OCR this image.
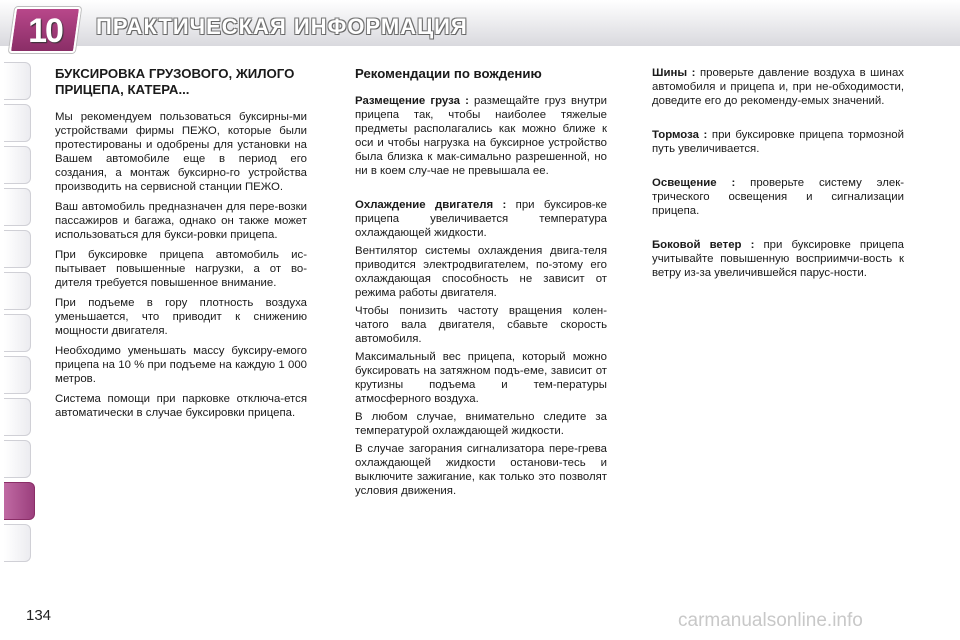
10	ПРАКТИЧЕСКАЯ ИНФОРМАЦИЯ
БУКСИРОВКА ГРУЗОВОГО, ЖИЛОГО ПРИЦЕПА, КАТЕРА...

Мы рекомендуем пользоваться буксирны-ми устройствами фирмы ПЕЖО, которые были протестированы и одобрены для установки на Вашем автомобиле еще в период его создания, а монтаж буксирно-го устройства производить на сервисной станции ПЕЖО.

Ваш автомобиль предназначен для пере-возки пассажиров и багажа, однако он также может использоваться для букси-ровки прицепа.

При буксировке прицепа автомобиль ис-пытывает повышенные нагрузки, а от во-дителя требуется повышенное внимание.

При подъеме в гору плотность воздуха уменьшается, что приводит к снижению мощности двигателя.

Необходимо уменьшать массу буксиру-емого прицепа на 10 % при подъеме на каждую 1 000 метров.

Система помощи при парковке отключа-ется автоматически в случае буксировки прицепа.

Рекомендации по вождению

Размещение груза : размещайте груз внутри прицепа так, чтобы наиболее тяжелые предметы располагались как можно ближе к оси и чтобы нагрузка на буксирное устройство была близка к мак-симально разрешенной, но ни в коем слу-чае не превышала ее.

Охлаждение двигателя : при буксиров-ке прицепа увеличивается температура охлаждающей жидкости.

Вентилятор системы охлаждения двига-теля приводится электродвигателем, по-этому его охлаждающая способность не зависит от режима работы двигателя.

Чтобы понизить частоту вращения колен-чатого вала двигателя, сбавьте скорость автомобиля.

Максимальный вес прицепа, который можно буксировать на затяжном подъ-еме, зависит от крутизны подъема и тем-пературы атмосферного воздуха.

В любом случае, внимательно следите за температурой охлаждающей жидкости.

В случае загорания сигнализатора пере-грева охлаждающей жидкости останови-тесь и выключите зажигание, как только это позволят условия движения.

Шины : проверьте давление воздуха в шинах автомобиля и прицепа и, при не-обходимости, доведите его до рекоменду-емых значений.

Тормоза : при буксировке прицепа тормозной путь увеличивается.

Освещение : проверьте систему элек-трического освещения и сигнализации прицепа.

Боковой ветер : при буксировке прицепа учитывайте повышенную восприимчи-вость к ветру из-за увеличившейся парус-ности.

134	carmanualsonline.info
